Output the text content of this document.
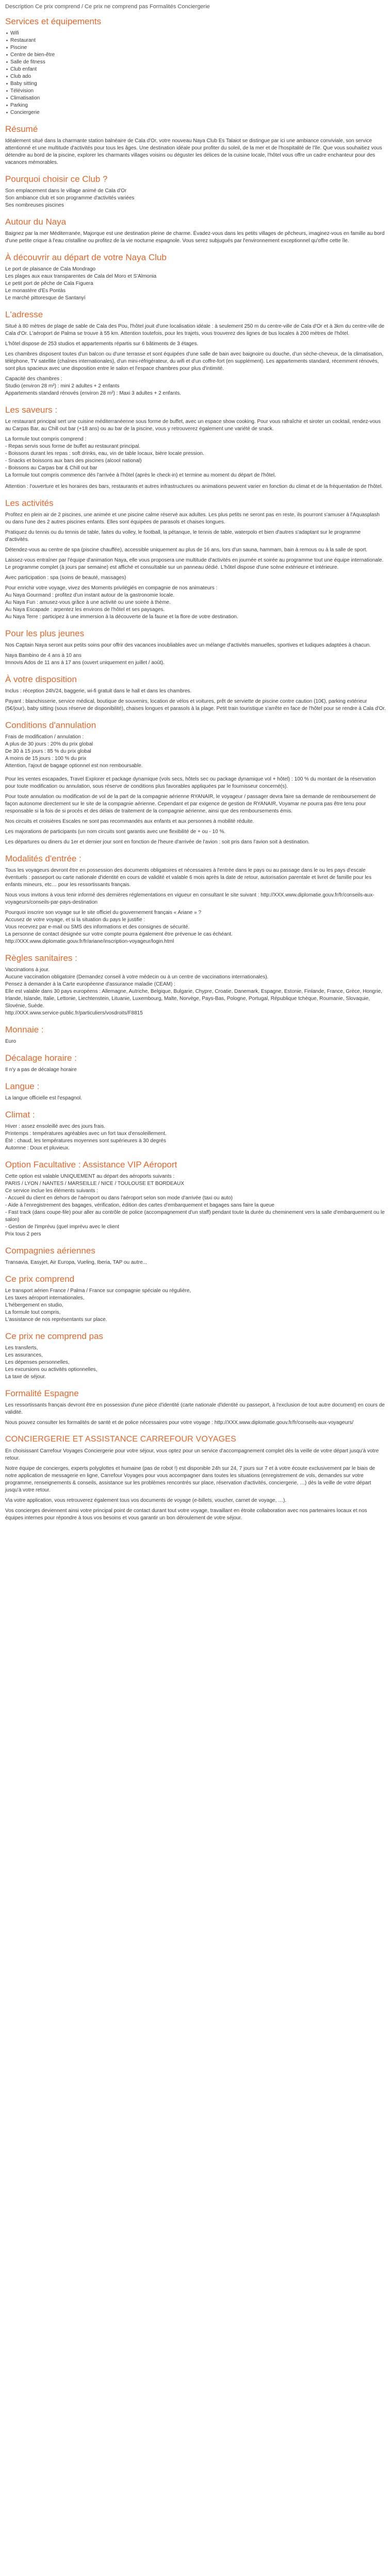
Description Ce prix comprend / Ce prix ne comprend pas Formalités Conciergerie
Services et équipements
Wifi
Restaurant
Piscine
Centre de bien-être
Salle de fitness
Club enfant
Club ado
Baby sitting
Télévision
Climatisation
Parking
Conciergerie
Résumé

Idéalement situé dans la charmante station balnéaire de Cala d'Or, votre nouveau Naya Club Es Talaiot se distingue par ici une ambiance conviviale, son service attentionné et une multitude d'activités pour tous les âges. Une destination idéale pour profiter du soleil, de la mer et de l'hospitalité de l'île. Que vous souhaitiez vous détendre au bord de la piscine, explorer les charmants villages voisins ou déguster les délices de la cuisine locale, l'hôtel vous offre un cadre enchanteur pour des vacances mémorables.

Pourquoi choisir ce Club ?
Son emplacement dans le village animé de Cala d'Or
Son ambiance club et son programme d'activités variées
Ses nombreuses piscines
Autour du Naya

Baignez par la mer Méditerranée, Majorque est une destination pleine de charme. Évadez-vous dans les petits villages de pêcheurs, imaginez-vous en famille au bord d'une petite crique à l'eau cristalline ou profitez de la vie nocturne espagnole. Vous serez subjugués par l'environnement exceptionnel qu'offre cette île.

À découvrir au départ de votre Naya Club
Le port de plaisance de Cala Mondrago
Les plages aux eaux transparentes de Cala del Moro et S'Almonia
Le petit port de pêche de Cala Figuera
Le monastère d'Es Pontàs
Le marché pittoresque de Santanyí
L'adresse

Situé à 80 mètres de plage de sable de Cala des Pou, l'hôtel jouit d'une localisation idéale : à seulement 250 m du centre-ville de Cala d'Or et à 3km du centre-ville de Cala d'Or. L'aéroport de Palma se trouve à 55 km. Attention toutefois, pour les trajets, vous trouverez des lignes de bus locales à 200 mètres de l'hôtel.

L'hôtel dispose de 253 studios et appartements répartis sur 6 bâtiments de 3 étages.

Les chambres disposent toutes d'un balcon ou d'une terrasse et sont équipées d'une salle de bain avec baignoire ou douche, d'un sèche-cheveux, de la climatisation, téléphone, TV satellite (chaînes internationales), d'un mini-réfrigérateur, du wifi et d'un coffre-fort (en supplément). Les appartements standard, récemment rénovés, sont plus spacieux avec une disposition entre le salon et l'espace chambres pour plus d'intimité.

Capacité des chambres :
Studio (environ 28 m²) : mini 2 adultes + 2 enfants
Appartements standard rénovés (environ 28 m²) : Maxi 3 adultes + 2 enfants.
Les saveurs :

Le restaurant principal sert une cuisine méditerranéenne sous forme de buffet, avec un espace show cooking. Pour vous rafraîchir et siroter un cocktail, rendez-vous au Carpas Bar, au Chill out bar (+18 ans) ou au bar de la piscine, vous y retrouverez également une variété de snack.

La formule tout compris comprend :
- Repas servis sous forme de buffet au restaurant principal.
- Boissons durant les repas : soft drinks, eau, vin de table locaux, bière locale pression.
- Snacks et boissons aux bars des piscines (alcool national)
- Boissons au Carpas bar & Chill out bar
La formule tout compris commence dès l'arrivée à l'hôtel (après le check-in) et termine au moment du départ de l'hôtel.

Attention : l'ouverture et les horaires des bars, restaurants et autres infrastructures ou animations peuvent varier en fonction du climat et de la fréquentation de l'hôtel.

Les activités

Profitez en plein air de 2 piscines, une animée et une piscine calme réservé aux adultes. Les plus petits ne seront pas en reste, ils pourront s'amuser à l'Aquasplash ou dans l'une des 2 autres piscines enfants. Elles sont équipées de parasols et chaises longues.

Pratiquez du tennis ou du tennis de table, faites du volley, le football, la pétanque, le tennis de table, waterpolo et bien d'autres s'adaptant sur le programme d'activités.

Détendez-vous au centre de spa (piscine chauffée), accessible uniquement au plus de 16 ans, lors d'un sauna, hammam, bain à remous ou à la salle de sport.

Laissez-vous entraîner par l'équipe d'animation Naya, elle vous proposera une multitude d'activités en journée et soirée au programme tout une équipe internationale. Le programme complet (à jours par semaine) est affiché et consultable sur un panneau dédié. L'hôtel dispose d'une scène extérieure et intérieure.

Avec participation : spa (soins de beauté, massages)

Pour enrichir votre voyage, vivez des Moments privilégiés en compagnie de nos animateurs :
Au Naya Gourmand : profitez d'un instant autour de la gastronomie locale.
Au Naya Fun : amusez-vous grâce à une activité ou une soirée à thème.
Au Naya Escapade : arpentez les environs de l'hôtel et ses paysages.
Au Naya Terre : participez à une immersion à la découverte de la faune et la flore de votre destination.
Pour les plus jeunes

Nos Captain Naya seront aux petits soins pour offrir des vacances inoubliables avec un mélange d'activités manuelles, sportives et ludiques adaptées à chacun.

Naya Bambino de 4 ans à 10 ans
Imnovis Ados de 11 ans à 17 ans (ouvert uniquement en juillet / août).
À votre disposition

Inclus : réception 24h/24, baggerie, wi-fi gratuit dans le hall et dans les chambres.

Payant : blanchisserie, service médical, boutique de souvenirs, location de vélos et voitures, prêt de serviette de piscine contre caution (10€), parking extérieur (5€/jour), baby sitting (sous réserve de disponibilité), chaises longues et parasols à la plage. Petit train touristique s'arrête en face de l'hôtel pour se rendre à Cala d'Or.

Conditions d'annulation
Frais de modification / annulation :
A plus de 30 jours : 20% du prix global
De 30 à 15 jours : 85 % du prix global
A moins de 15 jours : 100 % du prix
Attention, l'ajout de bagage optionnel est non remboursable.

Pour les ventes escapades, Travel Explorer et package dynamique (vols secs, hôtels sec ou package dynamique vol + hôtel) : 100 % du montant de la réservation pour toute modification ou annulation, sous réserve de conditions plus favorables appliquées par le fournisseur concerné(s).

Pour toute annulation ou modification de vol de la part de la compagnie aérienne RYANAIR, le voyageur / passager devra faire sa demande de remboursement de façon autonome directement sur le site de la compagnie aérienne. Cependant et par exigence de gestion de RYANAIR, Voyamar ne pourra pas être tenu pour responsable si la fois de si procès et des délais de traitement de la compagnie aérienne, ainsi que des remboursements émis.

Nos circuits et croisières Escales ne sont pas recommandés aux enfants et aux personnes à mobilité réduite.

Les majorations de participants (un nom circuits sont garantis avec une flexibilité de + ou - 10 %.

Les départures ou diners du 1er et dernier jour sont en fonction de l'heure d'arrivée de l'avion : soit pris dans l'avion soit à destination.

Modalités d'entrée :

Tous les voyageurs devront être en possession des documents obligatoires et nécessaires à l'entrée dans le pays ou au passage dans le ou les pays d'escale éventuels : passeport ou carte nationale d'identité en cours de validité et valable 6 mois après la date de retour, autorisation parentale et livret de famille pour les enfants mineurs, etc… pour les ressortissants français.

Nous vous invitons à vous tenir informé des dernières réglementations en vigueur en consultant le site suivant : http://XXX.www.diplomatie.gouv.fr/fr/conseils-aux-voyageurs/conseils-par-pays-destination

Pourquoi inscrire son voyage sur le site officiel du gouvernement français « Ariane » ?
Accusez de votre voyage, et si la situation du pays le justifie :
Vous recevrez par e-mail ou SMS des informations et des consignes de sécurité.
La personne de contact désignée sur votre compte pourra également être prévenue le cas échéant.
http://XXX.www.diplomatie.gouv.fr/fr/ariane/inscription-voyageur/login.html
Règles sanitaires :
Vaccinations à jour.
Aucune vaccination obligatoire (Demandez conseil à votre médecin ou à un centre de vaccinations internationales).
Pensez à demander à la Carte européenne d'assurance maladie (CEAM) :
Elle est valable dans 30 pays européens : Allemagne, Autriche, Belgique, Bulgarie, Chypre, Croatie, Danemark, Espagne, Estonie, Finlande, France, Grèce, Hongrie, Irlande, Islande, Italie, Lettonie, Liechtenstein, Lituanie, Luxembourg, Malte, Norvège, Pays-Bas, Pologne, Portugal, République tchèque, Roumanie, Slovaquie, Slovénie, Suède.
http://XXX.www.service-public.fr/particuliers/vosdroits/F8815
Monnaie :
Euro
Décalage horaire :
Il n'y a pas de décalage horaire
Langue :
La langue officielle est l'espagnol.
Climat :
Hiver : assez ensoleillé avec des jours frais.
Printemps : températures agréables avec un fort taux d'ensoleillement.
Été : chaud, les températures moyennes sont supérieures à 30 degrés
Automne : Doux et pluvieux.
Option Facultative : Assistance VIP Aéroport
Cette option est valable UNIQUEMENT au départ des aéroports suivants :
PARIS / LYON / NANTES / MARSEILLE / NICE / TOULOUSE ET BORDEAUX
Ce service inclue les éléments suivants :
- Accueil du client en dehors de l'aéroport ou dans l'aéroport selon son mode d'arrivée (taxi ou auto)
- Aide à l'enregistrement des bagages, vérification, édition des cartes d'embarquement et bagages sans faire la queue
- Fast track (dans coupe-file) pour aller au contrôle de police (accompagnement d'un staff) pendant toute la durée du cheminement vers la salle d'embarquement ou le salon)
- Gestion de l'imprévu (quel imprévu avec le client
Prix tous 2 pers
Compagnies aériennes
Transavia, Easyjet, Air Europa, Vueling, Iberia, TAP ou autre...
Ce prix comprend
Le transport aérien France / Palma / France sur compagnie spéciale ou régulière,
Les taxes aéroport internationales,
L'hébergement en studio,
La formule tout compris,
L'assistance de nos représentants sur place.
Ce prix ne comprend pas
Les transferts,
Les assurances,
Les dépenses personnelles,
Les excursions ou activités optionnelles,
La taxe de séjour.
Formalité Espagne

Les ressortissants français devront être en possession d'une pièce d'identité (carte nationale d'identité ou passeport, à l'exclusion de tout autre document) en cours de validité.

Nous pouvez consulter les formalités de santé et de police nécessaires pour votre voyage : http://XXX.www.diplomatie.gouv.fr/fr/conseils-aux-voyageurs/

CONCIERGERIE ET ASSISTANCE CARREFOUR VOYAGES

En choisissant Carrefour Voyages Conciergerie pour votre séjour, vous optez pour un service d'accompagnement complet dès la veille de votre départ jusqu'à votre retour.

Notre équipe de concierges, experts polyglottes et humaine (pas de robot !) est disponible 24h sur 24, 7 jours sur 7 et à votre écoute exclusivement par le biais de notre application de messagerie en ligne, Carrefour Voyages pour vous accompagner dans toutes les situations (enregistrement de vols, demandes sur votre programme, renseignements & conseils, assistance sur les problèmes rencontrés sur place, réservation d'activités, conciergerie, …) dès la veille de votre départ jusqu'à votre retour.

Via votre application, vous retrouverez également tous vos documents de voyage (e-billets, voucher, carnet de voyage, …).

Vos concierges deviennent ainsi votre principal point de contact durant tout votre voyage, travaillant en étroite collaboration avec nos partenaires locaux et nos équipes internes pour répondre à tous vos besoins et vous garantir un bon déroulement de votre séjour.
